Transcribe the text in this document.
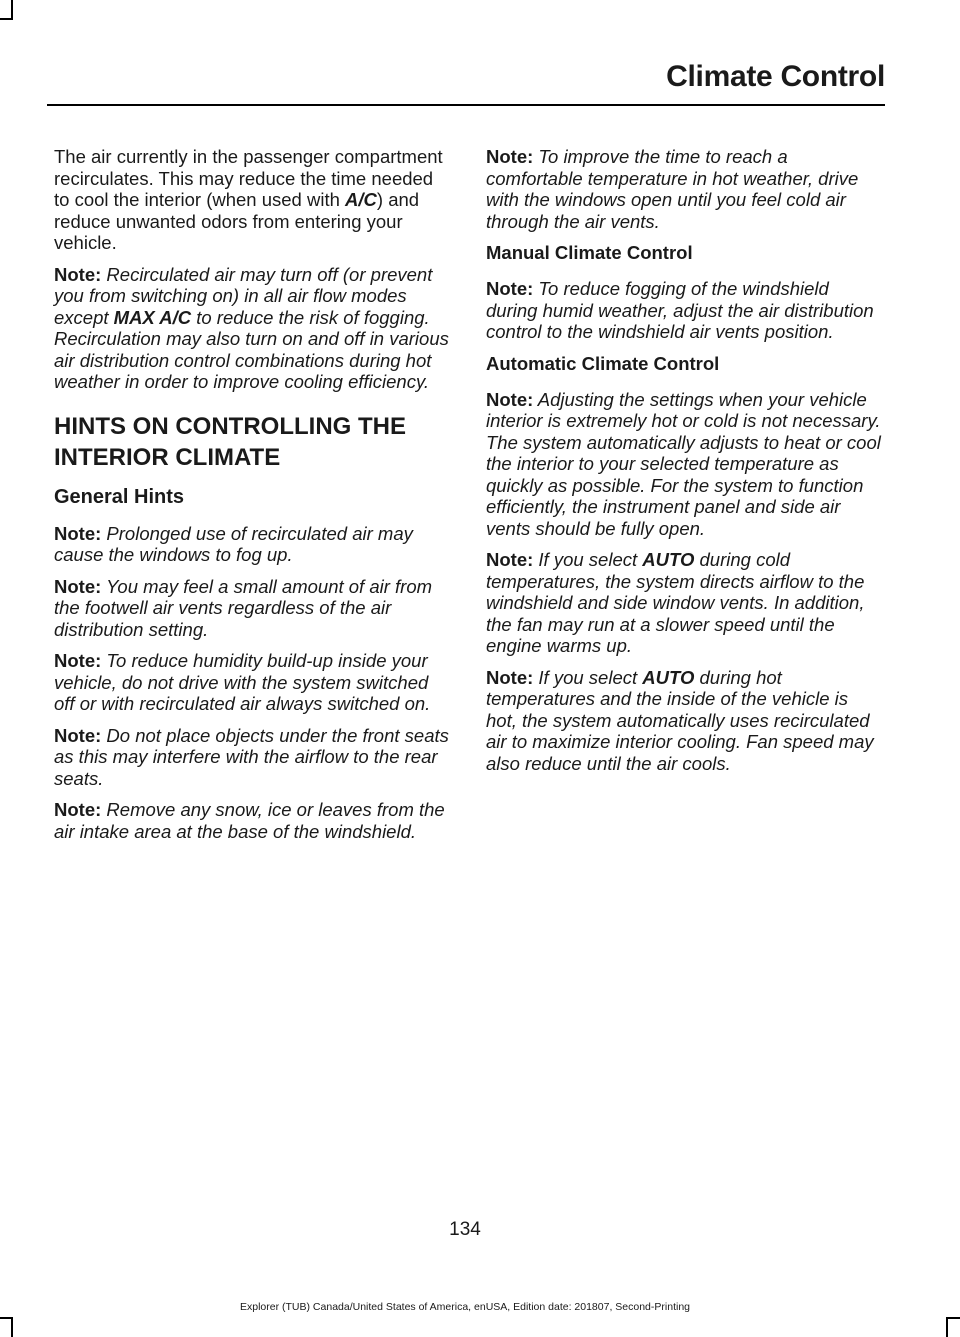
Climate Control

The air currently in the passenger compartment recirculates. This may reduce the time needed to cool the interior (when used with A/C) and reduce unwanted odors from entering your vehicle.

Note: Recirculated air may turn off (or prevent you from switching on) in all air flow modes except MAX A/C to reduce the risk of fogging. Recirculation may also turn on and off in various air distribution control combinations during hot weather in order to improve cooling efficiency.

HINTS ON CONTROLLING THE
INTERIOR CLIMATE
General Hints

Note: Prolonged use of recirculated air may cause the windows to fog up.

Note: You may feel a small amount of air from the footwell air vents regardless of the air distribution setting.

Note: To reduce humidity build-up inside your vehicle, do not drive with the system switched off or with recirculated air always switched on.

Note: Do not place objects under the front seats as this may interfere with the airflow to the rear seats.

Note: Remove any snow, ice or leaves from the air intake area at the base of the windshield.

Note: To improve the time to reach a comfortable temperature in hot weather, drive with the windows open until you feel cold air through the air vents.

Manual Climate Control

Note: To reduce fogging of the windshield during humid weather, adjust the air distribution control to the windshield air vents position.

Automatic Climate Control

Note: Adjusting the settings when your vehicle interior is extremely hot or cold is not necessary. The system automatically adjusts to heat or cool the interior to your selected temperature as quickly as possible. For the system to function efficiently, the instrument panel and side air vents should be fully open.

Note: If you select AUTO during cold temperatures, the system directs airflow to the windshield and side window vents. In addition, the fan may run at a slower speed until the engine warms up.

Note: If you select AUTO during hot temperatures and the inside of the vehicle is hot, the system automatically uses recirculated air to maximize interior cooling. Fan speed may also reduce until the air cools.

134
Explorer (TUB) Canada/United States of America, enUSA, Edition date: 201807, Second-Printing
